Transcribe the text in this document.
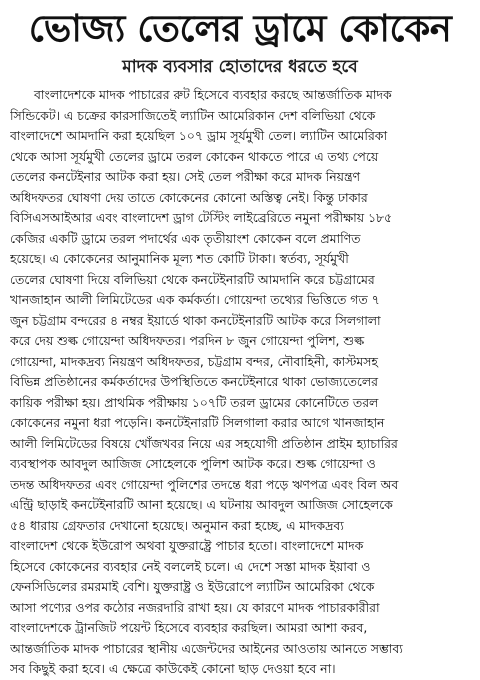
ভোজ্য তেলের ড্রামে কোকেন
মাদক ব্যবসার হোতাদের ধরতে হবে
বাংলাদেশকে মাদক পাচারের রুট হিসেবে ব্যবহার করছে আন্তর্জাতিক মাদক
সিন্ডিকেট। এ চক্রের কারসাজিতেই ল্যাটিন আমেরিকান দেশ বলিভিয়া থেকে
বাংলাদেশে আমদানি করা হয়েছিল ১০৭ ড্রাম সূর্যমুখী তেল। ল্যাটিন আমেরিকা
থেকে আসা সূর্যমুখী তেলের ড্রামে তরল কোকেন থাকতে পারে এ তথ্য পেয়ে
তেলের কনটেইনার আটক করা হয়। সেই তেল পরীক্ষা করে মাদক নিয়ন্ত্রণ
অধিদফতর ঘোষণা দেয় তাতে কোকেনের কোনো অস্তিত্ব নেই। কিন্তু ঢাকার
বিসিএসআইআর এবং বাংলাদেশ ড্রাগ টেস্টিং লাইব্রেরিতে নমুনা পরীক্ষায় ১৮৫
কেজির একটি ড্রামে তরল পদার্থের এক তৃতীয়াংশ কোকেন বলে প্রমাণিত
হয়েছে। এ কোকেনের আনুমানিক মূল্য শত কোটি টাকা। স্বর্তব্য, সূর্যমুখী
তেলের ঘোষণা দিয়ে বলিভিয়া থেকে কনটেইনারটি আমদানি করে চট্টগ্রামের
খানজাহান আলী লিমিটেডের এক কর্মকর্তা। গোয়েন্দা তথ্যের ভিত্তিতে গত ৭
জুন চট্টগ্রাম বন্দরের ৪ নম্বর ইয়ার্ডে থাকা কনটেইনারটি আটক করে সিলগালা
করে দেয় শুল্ক গোয়েন্দা অধিদফতর। পরদিন ৮ জুন গোয়েন্দা পুলিশ, শুল্ক
গোয়েন্দা, মাদকদ্রব্য নিয়ন্ত্রণ অধিদফতর, চট্টগ্রাম বন্দর, নৌবাহিনী, কাস্টমসহ
বিভিন্ন প্রতিষ্ঠানের কর্মকর্তাদের উপস্থিতিতে কনটেইনারে থাকা ভোজ্যতেলের
কায়িক পরীক্ষা হয়। প্রাথমিক পরীক্ষায় ১০৭টি তরল ড্রামের কোনেটিতে তরল
কোকেনের নমুনা ধরা পড়েনি। কনটেইনারটি সিলগালা করার আগে খানজাহান
আলী লিমিটেডের বিষয়ে খোঁজখবর নিয়ে এর সহযোগী প্রতিষ্ঠান প্রাইম হ্যাচারির
ব্যবস্থাপক আবদুল আজিজ সোহেলকে পুলিশ আটক করে। শুল্ক গোয়েন্দা ও
তদন্ত অধিদফতর এবং গোয়েন্দা পুলিশের তদন্তে ধরা পড়ে ঋণপত্র এবং বিল অব
এন্ট্রি ছাড়াই কনটেইনারটি আনা হয়েছে। এ ঘটনায় আবদুল আজিজ সোহেলকে
৫৪ ধারায় গ্রেফতার দেখানো হয়েছে। অনুমান করা হচ্ছে, এ মাদকদ্রব্য
বাংলাদেশ থেকে ইউরোপ অথবা যুক্তরাষ্ট্রে পাচার হতো। বাংলাদেশে মাদক
হিসেবে কোকেনের ব্যবহার নেই বললেই চলে। এ দেশে সস্তা মাদক ইয়াবা ও
ফেনসিডিলের রমরমাই বেশি। যুক্তরাষ্ট্র ও ইউরোপে ল্যাটিন আমেরিকা থেকে
আসা পণ্যের ওপর কঠোর নজরদারি রাখা হয়। যে কারণে মাদক পাচারকারীরা
বাংলাদেশকে ট্রানজিট পয়েন্ট হিসেবে ব্যবহার করছিল। আমরা আশা করব,
আন্তর্জাতিক মাদক পাচারের স্থানীয় এজেন্টদের আইনের আওতায় আনতে সম্ভাব্য
সব কিছুই করা হবে। এ ক্ষেত্রে কাউকেই কোনো ছাড় দেওয়া হবে না।
